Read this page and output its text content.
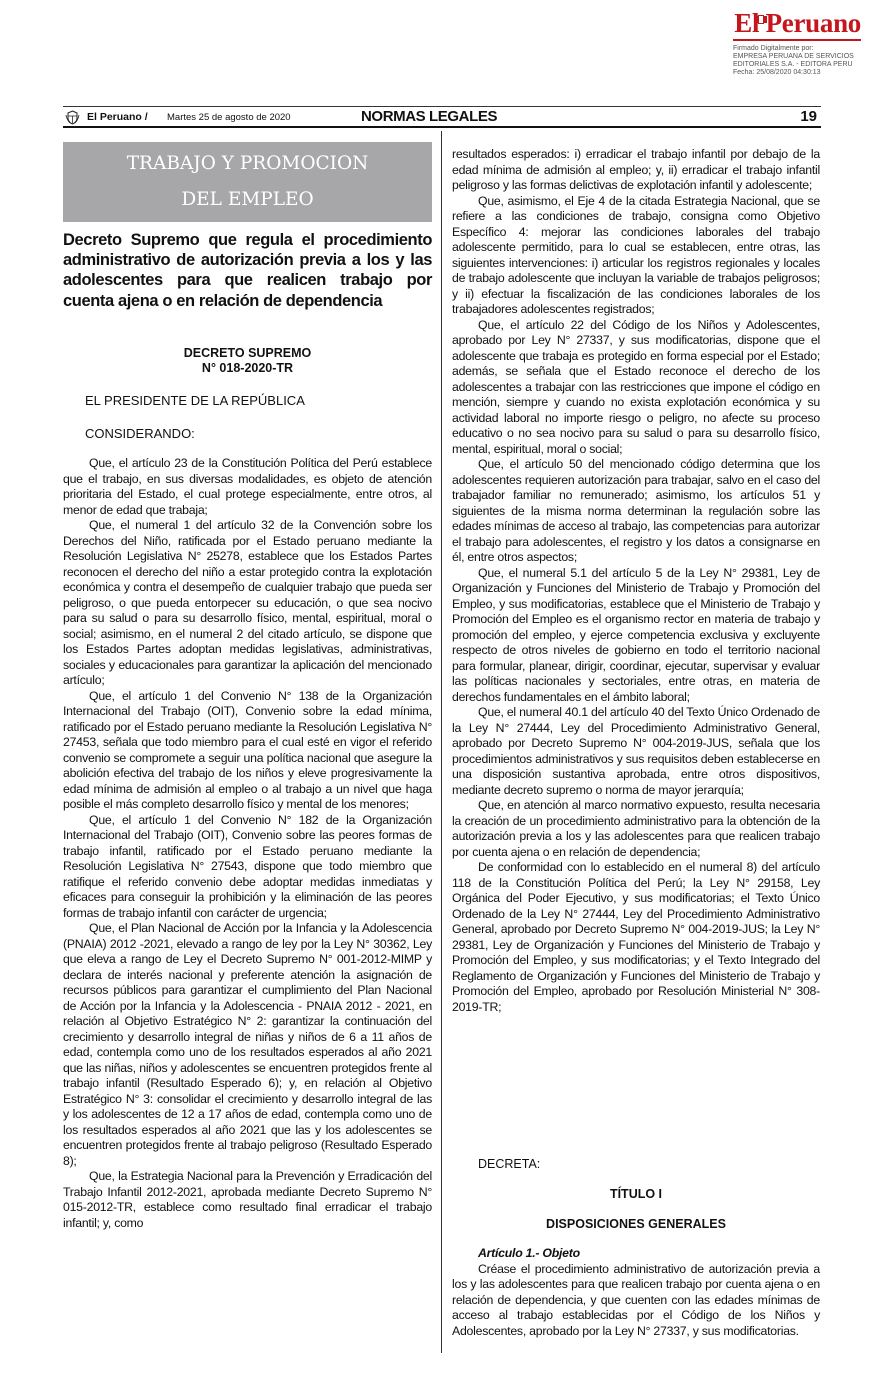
El Peruano
Firmado Digitalmente por:
EMPRESA PERUANA DE SERVICIOS
EDITORIALES S.A. - EDITORA PERU
Fecha: 25/08/2020 04:30:13
El Peruano / Martes 25 de agosto de 2020	NORMAS LEGALES	19
TRABAJO Y PROMOCION
DEL EMPLEO
Decreto Supremo que regula el procedimiento administrativo de autorización previa a los y las adolescentes para que realicen trabajo por cuenta ajena o en relación de dependencia
DECRETO SUPREMO
N° 018-2020-TR
EL PRESIDENTE DE LA REPÚBLICA
CONSIDERANDO:

Que, el artículo 23 de la Constitución Política del Perú establece que el trabajo, en sus diversas modalidades, es objeto de atención prioritaria del Estado, el cual protege especialmente, entre otros, al menor de edad que trabaja;

Que, el numeral 1 del artículo 32 de la Convención sobre los Derechos del Niño, ratificada por el Estado peruano mediante la Resolución Legislativa N° 25278, establece que los Estados Partes reconocen el derecho del niño a estar protegido contra la explotación económica y contra el desempeño de cualquier trabajo que pueda ser peligroso, o que pueda entorpecer su educación, o que sea nocivo para su salud o para su desarrollo físico, mental, espiritual, moral o social; asimismo, en el numeral 2 del citado artículo, se dispone que los Estados Partes adoptan medidas legislativas, administrativas, sociales y educacionales para garantizar la aplicación del mencionado artículo;

Que, el artículo 1 del Convenio N° 138 de la Organización Internacional del Trabajo (OIT), Convenio sobre la edad mínima, ratificado por el Estado peruano mediante la Resolución Legislativa N° 27453, señala que todo miembro para el cual esté en vigor el referido convenio se compromete a seguir una política nacional que asegure la abolición efectiva del trabajo de los niños y eleve progresivamente la edad mínima de admisión al empleo o al trabajo a un nivel que haga posible el más completo desarrollo físico y mental de los menores;

Que, el artículo 1 del Convenio N° 182 de la Organización Internacional del Trabajo (OIT), Convenio sobre las peores formas de trabajo infantil, ratificado por el Estado peruano mediante la Resolución Legislativa N° 27543, dispone que todo miembro que ratifique el referido convenio debe adoptar medidas inmediatas y eficaces para conseguir la prohibición y la eliminación de las peores formas de trabajo infantil con carácter de urgencia;

Que, el Plan Nacional de Acción por la Infancia y la Adolescencia (PNAIA) 2012 -2021, elevado a rango de ley por la Ley N° 30362, Ley que eleva a rango de Ley el Decreto Supremo N° 001-2012-MIMP y declara de interés nacional y preferente atención la asignación de recursos públicos para garantizar el cumplimiento del Plan Nacional de Acción por la Infancia y la Adolescencia - PNAIA 2012 - 2021, en relación al Objetivo Estratégico N° 2: garantizar la continuación del crecimiento y desarrollo integral de niñas y niños de 6 a 11 años de edad, contempla como uno de los resultados esperados al año 2021 que las niñas, niños y adolescentes se encuentren protegidos frente al trabajo infantil (Resultado Esperado 6); y, en relación al Objetivo Estratégico N° 3: consolidar el crecimiento y desarrollo integral de las y los adolescentes de 12 a 17 años de edad, contempla como uno de los resultados esperados al año 2021 que las y los adolescentes se encuentren protegidos frente al trabajo peligroso (Resultado Esperado 8);

Que, la Estrategia Nacional para la Prevención y Erradicación del Trabajo Infantil 2012-2021, aprobada mediante Decreto Supremo N° 015-2012-TR, establece como resultado final erradicar el trabajo infantil; y, como

resultados esperados: i) erradicar el trabajo infantil por debajo de la edad mínima de admisión al empleo; y, ii) erradicar el trabajo infantil peligroso y las formas delictivas de explotación infantil y adolescente;

Que, asimismo, el Eje 4 de la citada Estrategia Nacional, que se refiere a las condiciones de trabajo, consigna como Objetivo Específico 4: mejorar las condiciones laborales del trabajo adolescente permitido, para lo cual se establecen, entre otras, las siguientes intervenciones: i) articular los registros regionales y locales de trabajo adolescente que incluyan la variable de trabajos peligrosos; y ii) efectuar la fiscalización de las condiciones laborales de los trabajadores adolescentes registrados;

Que, el artículo 22 del Código de los Niños y Adolescentes, aprobado por Ley N° 27337, y sus modificatorias, dispone que el adolescente que trabaja es protegido en forma especial por el Estado; además, se señala que el Estado reconoce el derecho de los adolescentes a trabajar con las restricciones que impone el código en mención, siempre y cuando no exista explotación económica y su actividad laboral no importe riesgo o peligro, no afecte su proceso educativo o no sea nocivo para su salud o para su desarrollo físico, mental, espiritual, moral o social;

Que, el artículo 50 del mencionado código determina que los adolescentes requieren autorización para trabajar, salvo en el caso del trabajador familiar no remunerado; asimismo, los artículos 51 y siguientes de la misma norma determinan la regulación sobre las edades mínimas de acceso al trabajo, las competencias para autorizar el trabajo para adolescentes, el registro y los datos a consignarse en él, entre otros aspectos;

Que, el numeral 5.1 del artículo 5 de la Ley N° 29381, Ley de Organización y Funciones del Ministerio de Trabajo y Promoción del Empleo, y sus modificatorias, establece que el Ministerio de Trabajo y Promoción del Empleo es el organismo rector en materia de trabajo y promoción del empleo, y ejerce competencia exclusiva y excluyente respecto de otros niveles de gobierno en todo el territorio nacional para formular, planear, dirigir, coordinar, ejecutar, supervisar y evaluar las políticas nacionales y sectoriales, entre otras, en materia de derechos fundamentales en el ámbito laboral;

Que, el numeral 40.1 del artículo 40 del Texto Único Ordenado de la Ley N° 27444, Ley del Procedimiento Administrativo General, aprobado por Decreto Supremo N° 004-2019-JUS, señala que los procedimientos administrativos y sus requisitos deben establecerse en una disposición sustantiva aprobada, entre otros dispositivos, mediante decreto supremo o norma de mayor jerarquía;

Que, en atención al marco normativo expuesto, resulta necesaria la creación de un procedimiento administrativo para la obtención de la autorización previa a los y las adolescentes para que realicen trabajo por cuenta ajena o en relación de dependencia;

De conformidad con lo establecido en el numeral 8) del artículo 118 de la Constitución Política del Perú; la Ley N° 29158, Ley Orgánica del Poder Ejecutivo, y sus modificatorias; el Texto Único Ordenado de la Ley N° 27444, Ley del Procedimiento Administrativo General, aprobado por Decreto Supremo N° 004-2019-JUS; la Ley N° 29381, Ley de Organización y Funciones del Ministerio de Trabajo y Promoción del Empleo, y sus modificatorias; y el Texto Integrado del Reglamento de Organización y Funciones del Ministerio de Trabajo y Promoción del Empleo, aprobado por Resolución Ministerial N° 308-2019-TR;

DECRETA:
TÍTULO I
DISPOSICIONES GENERALES
Artículo 1.- Objeto

Créase el procedimiento administrativo de autorización previa a los y las adolescentes para que realicen trabajo por cuenta ajena o en relación de dependencia, y que cuenten con las edades mínimas de acceso al trabajo establecidas por el Código de los Niños y Adolescentes, aprobado por la Ley N° 27337, y sus modificatorias.
